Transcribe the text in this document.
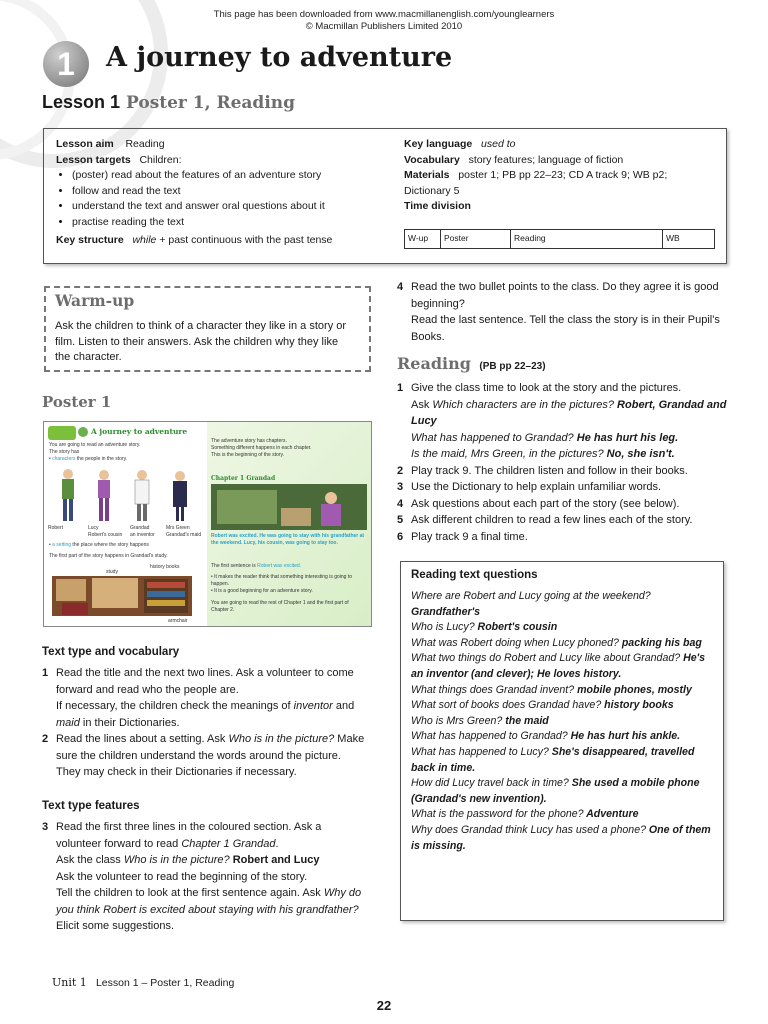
This page has been downloaded from www.macmillanenglish.com/younglearners
© Macmillan Publishers Limited 2010
1	A journey to adventure
Lesson 1 Poster 1, Reading
Lesson aim Reading
Lesson targets Children:
• (poster) read about the features of an adventure story
• follow and read the text
• understand the text and answer oral questions about it
• practise reading the text
Key structure while + past continuous with the past tense
Key language used to
Vocabulary story features; language of fiction
Materials poster 1; PB pp 22–23; CD A track 9; WB p2;
Dictionary 5
Time division
W-up	Poster	Reading	WB
Warm-up
Ask the children to think of a character they like in a story or film. Listen to their answers. Ask the children why they like the character.
Poster 1
A journey to adventure
You are going to read an adventure story.
The story has
• characters the people in the story.
Robert	Lucy
Robert's cousin
Grandad
an inventor
Mrs Green
Grandad's maid
• a setting the place where the story happens
The first part of the story happens in Grandad's study.
study
history books
armchair
The adventure story has chapters.
Something different happens in each chapter.
This is the beginning of the story.
Chapter 1 Grandad
Robert was excited. He was going to stay with his grandfather at the weekend. Lucy, his cousin, was going to stay too.
The first sentence is Robert was excited.
• It makes the reader think that something interesting is going to happen.
• It is a good beginning for an adventure story.
You are going to read the rest of Chapter 1 and the first part of Chapter 2.
Text type and vocabulary
1 Read the title and the next two lines. Ask a volunteer to come forward and read who the people are.
If necessary, the children check the meanings of inventor and maid in their Dictionaries.
2 Read the lines about a setting. Ask Who is in the picture? Make sure the children understand the words around the picture. They may check in their Dictionaries if necessary.
Text type features
3 Read the first three lines in the coloured section. Ask a volunteer forward to read Chapter 1 Grandad.
Ask the class Who is in the picture? Robert and Lucy
Ask the volunteer to read the beginning of the story.
Tell the children to look at the first sentence again. Ask Why do you think Robert is excited about staying with his grandfather? Elicit some suggestions.
4 Read the two bullet points to the class. Do they agree it is good beginning?
Read the last sentence. Tell the class the story is in their Pupil's Books.
Reading (PB pp 22–23)
1 Give the class time to look at the story and the pictures.
Ask Which characters are in the pictures? Robert, Grandad and Lucy
What has happened to Grandad? He has hurt his leg.
Is the maid, Mrs Green, in the pictures? No, she isn't.
2 Play track 9. The children listen and follow in their books.
3 Use the Dictionary to help explain unfamiliar words.
4 Ask questions about each part of the story (see below).
5 Ask different children to read a few lines each of the story.
6 Play track 9 a final time.
Reading text questions
Where are Robert and Lucy going at the weekend?
Grandfather's
Who is Lucy? Robert's cousin
What was Robert doing when Lucy phoned? packing his bag
What two things do Robert and Lucy like about Grandad? He's an inventor (and clever); He loves history.
What things does Grandad invent? mobile phones, mostly
What sort of books does Grandad have? history books
Who is Mrs Green? the maid
What has happened to Grandad? He has hurt his ankle.
What has happened to Lucy? She's disappeared, travelled back in time.
How did Lucy travel back in time? She used a mobile phone (Grandad's new invention).
What is the password for the phone? Adventure
Why does Grandad think Lucy has used a phone? One of them is missing.
Unit 1 Lesson 1 – Poster 1, Reading
22
